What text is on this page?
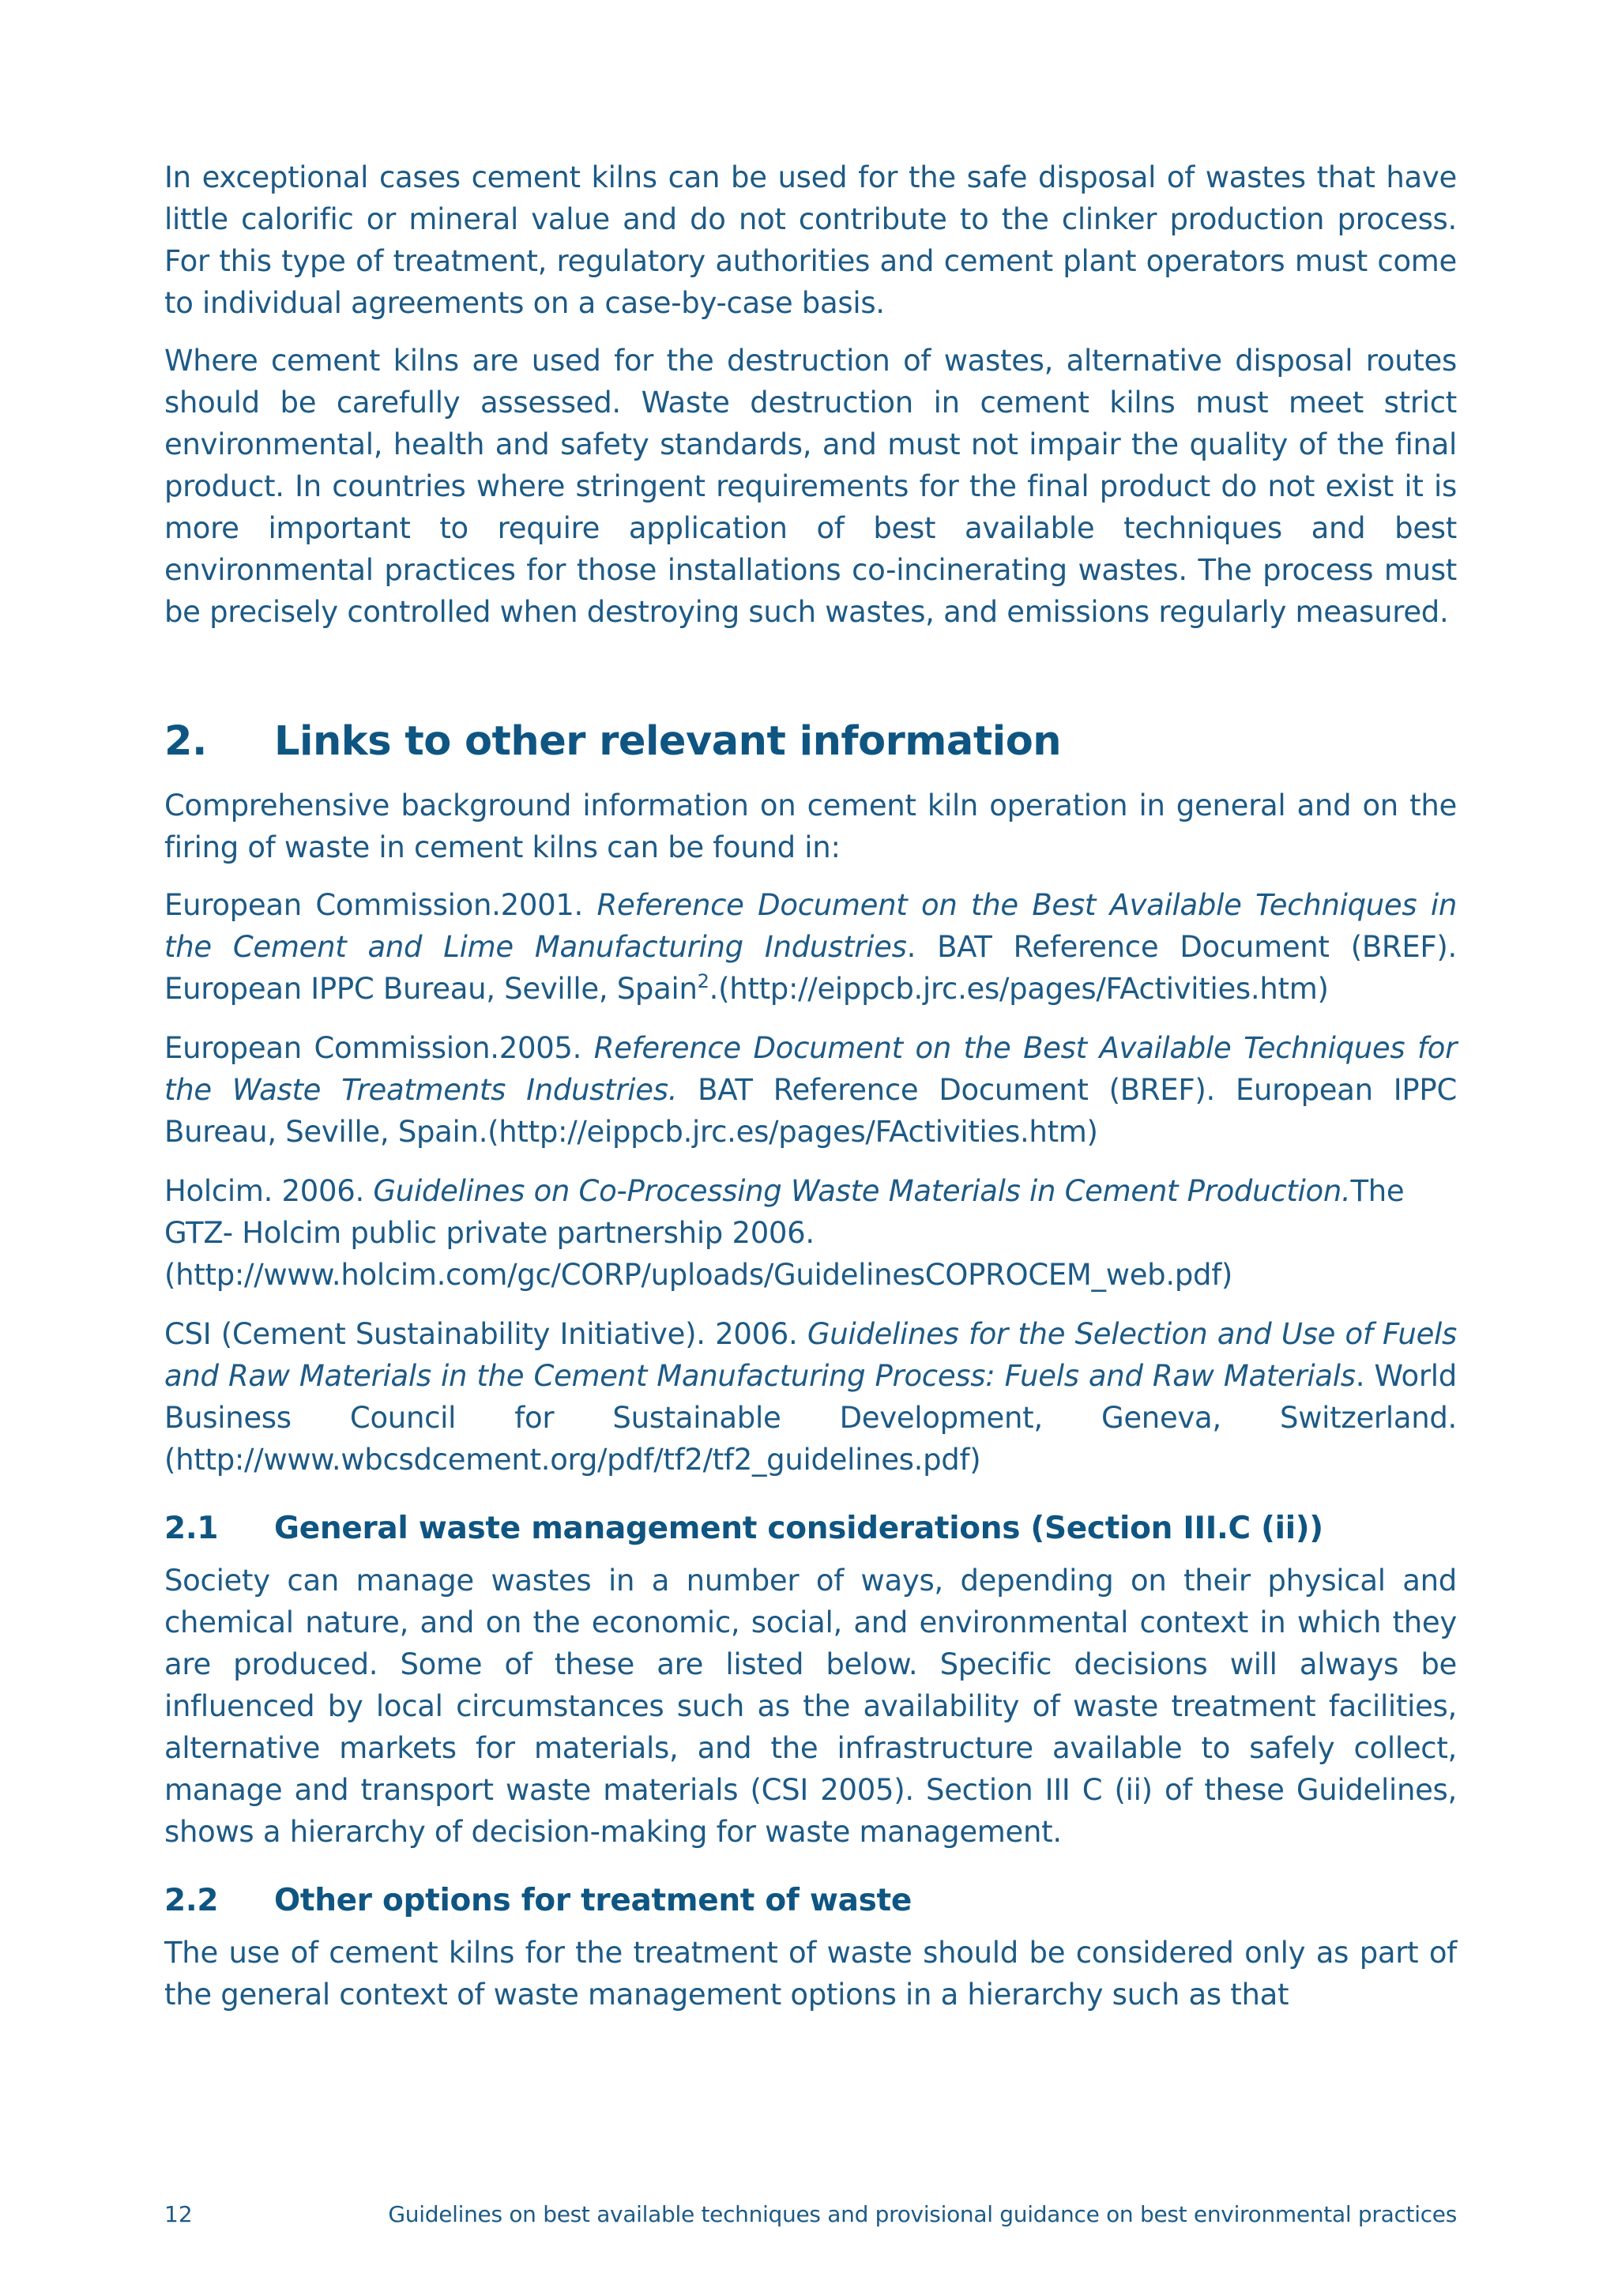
In exceptional cases cement kilns can be used for the safe disposal of wastes that have little calorific or mineral value and do not contribute to the clinker production process. For this type of treatment, regulatory authorities and cement plant operators must come to individual agreements on a case-by-case basis.

Where cement kilns are used for the destruction of wastes, alternative disposal routes should be carefully assessed. Waste destruction in cement kilns must meet strict environmental, health and safety standards, and must not impair the quality of the final product. In countries where stringent requirements for the final product do not exist it is more important to require application of best available techniques and best environmental practices for those installations co-incinerating wastes. The process must be precisely controlled when destroying such wastes, and emissions regularly measured.

2. Links to other relevant information

Comprehensive background information on cement kiln operation in general and on the firing of waste in cement kilns can be found in:

European Commission.2001. Reference Document on the Best Available Techniques in the Cement and Lime Manufacturing Industries. BAT Reference Document (BREF). European IPPC Bureau, Seville, Spain$^2$.(http://eippcb.jrc.es/pages/FActivities.htm)

European Commission.2005. Reference Document on the Best Available Techniques for the Waste Treatments Industries. BAT Reference Document (BREF). European IPPC Bureau, Seville, Spain.(http://eippcb.jrc.es/pages/FActivities.htm)

Holcim. 2006. Guidelines on Co-Processing Waste Materials in Cement Production.The GTZ- Holcim public private partnership 2006.
(http://www.holcim.com/gc/CORP/uploads/GuidelinesCOPROCEM_web.pdf)

CSI (Cement Sustainability Initiative). 2006. Guidelines for the Selection and Use of Fuels and Raw Materials in the Cement Manufacturing Process: Fuels and Raw Materials. World Business Council for Sustainable Development, Geneva, Switzerland. (http://www.wbcsdcement.org/pdf/tf2/tf2_guidelines.pdf)

2.1 General waste management considerations (Section III.C (ii))

Society can manage wastes in a number of ways, depending on their physical and chemical nature, and on the economic, social, and environmental context in which they are produced. Some of these are listed below. Specific decisions will always be influenced by local circumstances such as the availability of waste treatment facilities, alternative markets for materials, and the infrastructure available to safely collect, manage and transport waste materials (CSI 2005). Section III C (ii) of these Guidelines, shows a hierarchy of decision-making for waste management.

2.2 Other options for treatment of waste

The use of cement kilns for the treatment of waste should be considered only as part of the general context of waste management options in a hierarchy such as that

12	Guidelines on best available techniques and provisional guidance on best environmental practices
